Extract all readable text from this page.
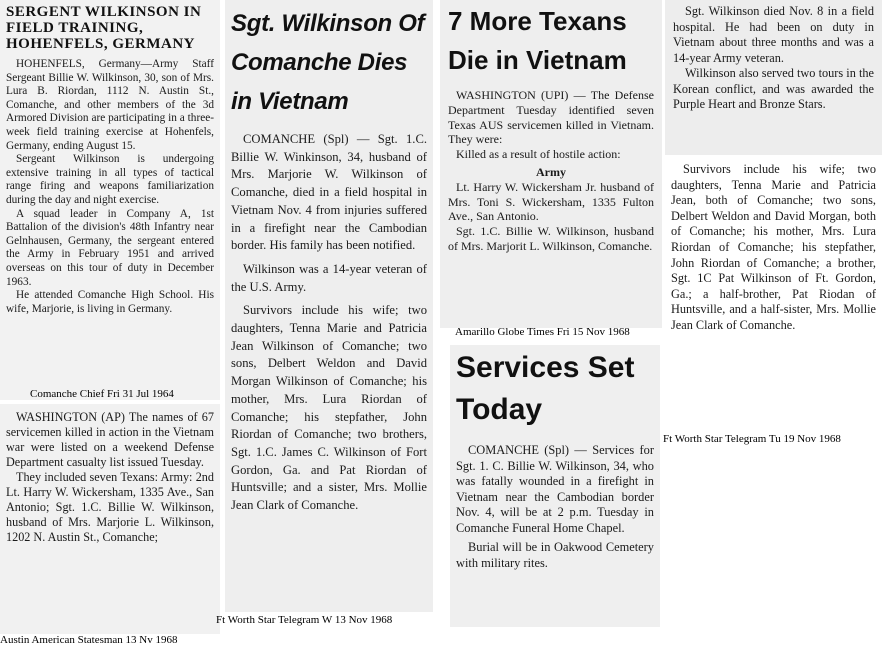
SERGENT WILKINSON IN FIELD TRAINING, HOHENFELS, GERMANY

HOHENFELS, Germany—Army Staff Sergeant Billie W. Wilkinson, 30, son of Mrs. Lura B. Riordan, 1112 N. Austin St., Comanche, and other members of the 3d Armored Division are participating in a three-week field training exercise at Hohenfels, Germany, ending August 15.

Sergeant Wilkinson is undergoing extensive training in all types of tactical range firing and weapons familiarization during the day and night exercise.

A squad leader in Company A, 1st Battalion of the division's 48th Infantry near Gelnhausen, Germany, the sergeant entered the Army in February 1951 and arrived overseas on this tour of duty in December 1963.

He attended Comanche High School. His wife, Marjorie, is living in Germany.

Comanche Chief Fri 31 Jul 1964

WASHINGTON (AP) The names of 67 servicemen killed in action in the Vietnam war were listed on a weekend Defense Department casualty list issued Tuesday.

They included seven Texans: Army: 2nd Lt. Harry W. Wickersham, 1335 Ave., San Antonio; Sgt. 1.C. Billie W. Wilkinson, husband of Mrs. Marjorie L. Wilkinson, 1202 N. Austin St., Comanche;

Austin American Statesman 13 Nv 1968
Sgt. Wilkinson Of Comanche Dies in Vietnam

COMANCHE (Spl) — Sgt. 1.C. Billie W. Winkinson, 34, husband of Mrs. Marjorie W. Wilkinson of Comanche, died in a field hospital in Vietnam Nov. 4 from injuries suffered in a firefight near the Cambodian border. His family has been notified.

Wilkinson was a 14-year veteran of the U.S. Army.

Survivors include his wife; two daughters, Tenna Marie and Patricia Jean Wilkinson of Comanche; two sons, Delbert Weldon and David Morgan Wilkinson of Comanche; his mother, Mrs. Lura Riordan of Comanche; his stepfather, John Riordan of Comanche; two brothers, Sgt. 1.C. James C. Wilkinson of Fort Gordon, Ga. and Pat Riordan of Huntsville; and a sister, Mrs. Mollie Jean Clark of Comanche.

Ft Worth Star Telegram W 13 Nov 1968
7 More Texans Die in Vietnam

WASHINGTON (UPI) — The Defense Department Tuesday identified seven Texas AUS servicemen killed in Vietnam. They were:

Killed as a result of hostile action:

Army

Lt. Harry W. Wickersham Jr. husband of Mrs. Toni S. Wickersham, 1335 Fulton Ave., San Antonio.

Sgt. 1.C. Billie W. Wilkinson, husband of Mrs. Marjorit L. Wilkinson, Comanche.

Amarillo Globe Times Fri 15 Nov 1968
Services Set Today

COMANCHE (Spl) — Services for Sgt. 1. C. Billie W. Wilkinson, 34, who was fatally wounded in a firefight in Vietnam near the Cambodian border Nov. 4, will be at 2 p.m. Tuesday in Comanche Funeral Home Chapel.

Burial will be in Oakwood Cemetery with military rites.

Sgt. Wilkinson died Nov. 8 in a field hospital. He had been on duty in Vietnam about three months and was a 14-year Army veteran.

Wilkinson also served two tours in the Korean conflict, and was awarded the Purple Heart and Bronze Stars.

Survivors include his wife; two daughters, Tenna Marie and Patricia Jean, both of Comanche; two sons, Delbert Weldon and David Morgan, both of Comanche; his mother, Mrs. Lura Riordan of Comanche; his stepfather, John Riordan of Comanche; a brother, Sgt. 1C Pat Wilkinson of Ft. Gordon, Ga.; a half-brother, Pat Riodan of Huntsville, and a half-sister, Mrs. Mollie Jean Clark of Comanche.

Ft Worth Star Telegram Tu 19 Nov 1968
